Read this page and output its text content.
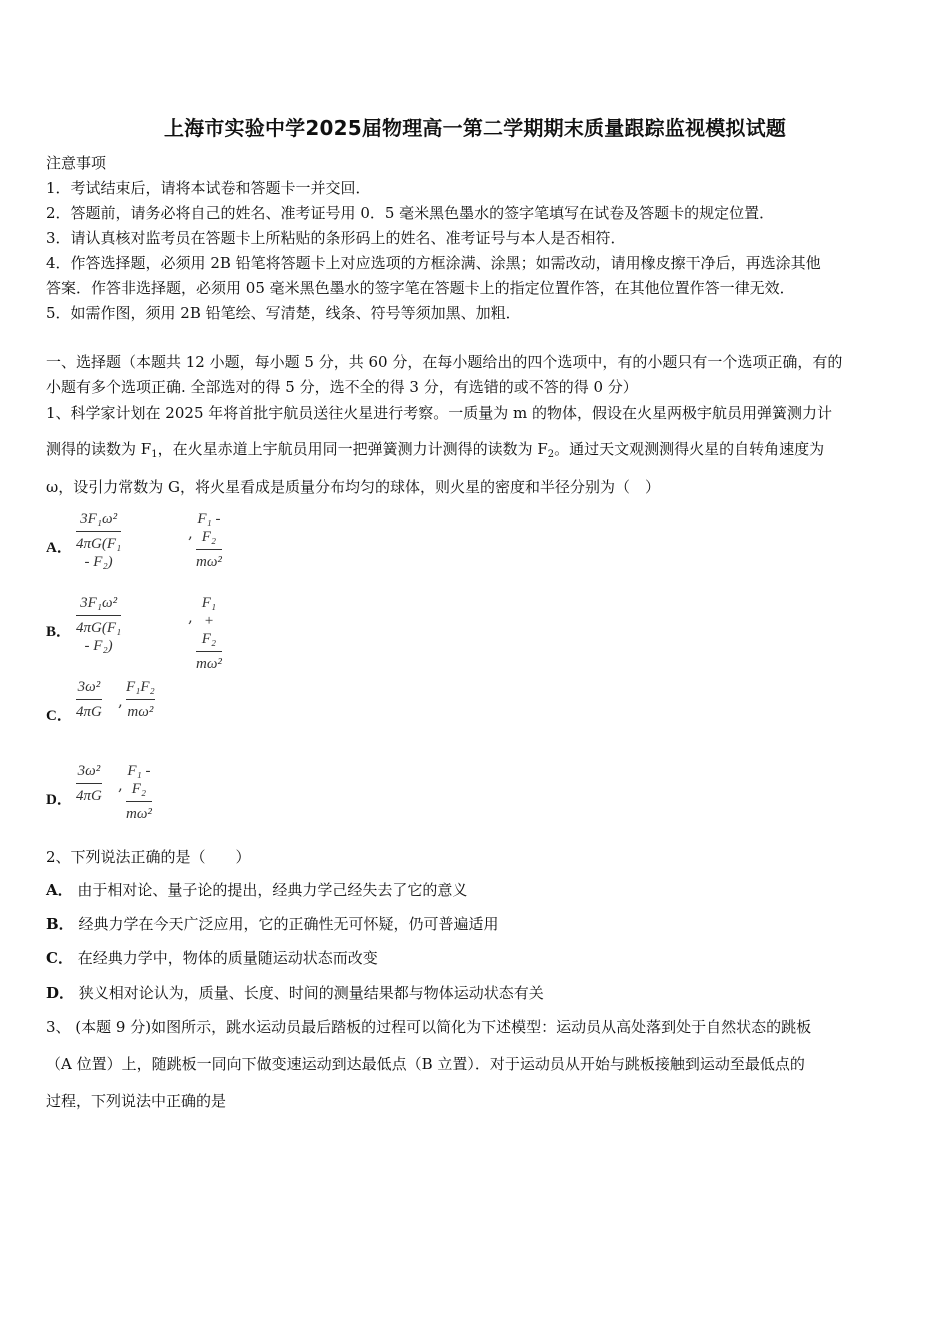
上海市实验中学2025届物理高一第二学期期末质量跟踪监视模拟试题
注意事项
1．考试结束后，请将本试卷和答题卡一并交回．
2．答题前，请务必将自己的姓名、准考证号用 0．5 毫米黑色墨水的签字笔填写在试卷及答题卡的规定位置．
3．请认真核对监考员在答题卡上所粘贴的条形码上的姓名、准考证号与本人是否相符．
4．作答选择题，必须用 2B 铅笔将答题卡上对应选项的方框涂满、涂黑；如需改动，请用橡皮擦干净后，再选涂其他
答案．作答非选择题，必须用 05 毫米黑色墨水的签字笔在答题卡上的指定位置作答，在其他位置作答一律无效．
5．如需作图，须用 2B 铅笔绘、写清楚，线条、符号等须加黑、加粗．
一、选择题（本题共 12 小题，每小题 5 分，共 60 分，在每小题给出的四个选项中，有的小题只有一个选项正确，有的
小题有多个选项正确. 全部选对的得 5 分，选不全的得 3 分，有选错的或不答的得 0 分）
1、科学家计划在 2025 年将首批宇航员送往火星进行考察。一质量为 m 的物体，假设在火星两极宇航员用弹簧测力计
测得的读数为 $F_1$，在火星赤道上宇航员用同一把弹簧测力计测得的读数为 $F_2$。通过天文观测测得火星的自转角速度为
ω，设引力常数为 G，将火星看成是质量分布均匀的球体，则火星的密度和半径分别为（　）
A．
3F₁ω²
4πG(F₁ - F₂)
,
F₁ - F₂
mω²
B．
3F₁ω²
4πG(F₁ - F₂)
,
F₁ + F₂
mω²
C．
3ω²
4πG
,
F₁F₂
mω²
D．
3ω²
4πG
,
F₁ - F₂
mω²
2、下列说法正确的是（　　）
A． 由于相对论、量子论的提出，经典力学己经失去了它的意义
B． 经典力学在今天广泛应用，它的正确性无可怀疑，仍可普遍适用
C． 在经典力学中，物体的质量随运动状态而改变
D． 狭义相对论认为，质量、长度、时间的测量结果都与物体运动状态有关
3、 (本题 9 分)如图所示，跳水运动员最后踏板的过程可以简化为下述模型：运动员从高处落到处于自然状态的跳板
（A 位置）上，随跳板一同向下做变速运动到达最低点（B 立置）．对于运动员从开始与跳板接触到运动至最低点的
过程，下列说法中正确的是
